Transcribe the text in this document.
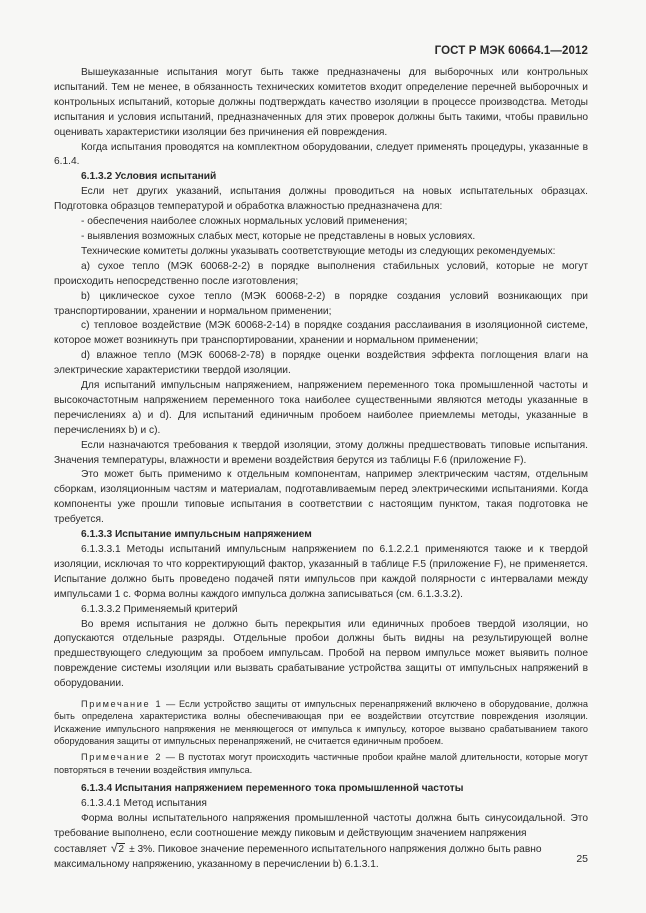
ГОСТ Р МЭК 60664.1—2012

Вышеуказанные испытания могут быть также предназначены для выборочных или контрольных испытаний. Тем не менее, в обязанность технических комитетов входит определение перечней выборочных и контрольных испытаний, которые должны подтверждать качество изоляции в процессе производства. Методы испытания и условия испытаний, предназначенных для этих проверок должны быть такими, чтобы правильно оценивать характеристики изоляции без причинения ей повреждения.

Когда испытания проводятся на комплектном оборудовании, следует применять процедуры, указанные в 6.1.4.

6.1.3.2 Условия испытаний

Если нет других указаний, испытания должны проводиться на новых испытательных образцах. Подготовка образцов температурой и обработка влажностью предназначена для:

- обеспечения наиболее сложных нормальных условий применения;

- выявления возможных слабых мест, которые не представлены в новых условиях.

Технические комитеты должны указывать соответствующие методы из следующих рекомендуемых:

a) сухое тепло (МЭК 60068-2-2) в порядке выполнения стабильных условий, которые не могут происходить непосредственно после изготовления;

b) циклическое сухое тепло (МЭК 60068-2-2) в порядке создания условий возникающих при транспортировании, хранении и нормальном применении;

c) тепловое воздействие (МЭК 60068-2-14) в порядке создания расслаивания в изоляционной системе, которое может возникнуть при транспортировании, хранении и нормальном применении;

d) влажное тепло (МЭК 60068-2-78) в порядке оценки воздействия эффекта поглощения влаги на электрические характеристики твердой изоляции.

Для испытаний импульсным напряжением, напряжением переменного тока промышленной частоты и высокочастотным напряжением переменного тока наиболее существенными являются методы указанные в перечислениях a) и d). Для испытаний единичным пробоем наиболее приемлемы методы, указанные в перечислениях b) и c).

Если назначаются требования к твердой изоляции, этому должны предшествовать типовые испытания. Значения температуры, влажности и времени воздействия берутся из таблицы F.6 (приложение F).

Это может быть применимо к отдельным компонентам, например электрическим частям, отдельным сборкам, изоляционным частям и материалам, подготавливаемым перед электрическими испытаниями. Когда компоненты уже прошли типовые испытания в соответствии с настоящим пунктом, такая подготовка не требуется.

6.1.3.3 Испытание импульсным напряжением

6.1.3.3.1 Методы испытаний импульсным напряжением по 6.1.2.2.1 применяются также и к твердой изоляции, исключая то что корректирующий фактор, указанный в таблице F.5 (приложение F), не применяется. Испытание должно быть проведено подачей пяти импульсов при каждой полярности с интервалами между импульсами 1 с. Форма волны каждого импульса должна записываться (см. 6.1.3.3.2).

6.1.3.3.2 Применяемый критерий

Во время испытания не должно быть перекрытия или единичных пробоев твердой изоляции, но допускаются отдельные разряды. Отдельные пробои должны быть видны на результирующей волне предшествующего следующим за пробоем импульсам. Пробой на первом импульсе может выявить полное повреждение системы изоляции или вызвать срабатывание устройства защиты от импульсных напряжений в оборудовании.

Примечание 1 — Если устройство защиты от импульсных перенапряжений включено в оборудование, должна быть определена характеристика волны обеспечивающая при ее воздействии отсутствие повреждения изоляции. Искажение импульсного напряжения не меняющегося от импульса к импульсу, которое вызвано срабатыванием такого оборудования защиты от импульсных перенапряжений, не считается единичным пробоем.

Примечание 2 — В пустотах могут происходить частичные пробои крайне малой длительности, которые могут повторяться в течении воздействия импульса.

6.1.3.4 Испытания напряжением переменного тока промышленной частоты

6.1.3.4.1 Метод испытания

Форма волны испытательного напряжения промышленной частоты должна быть синусоидальной. Это требование выполнено, если соотношение между пиковым и действующим значением напряжения

составляет √2 ± 3%. Пиковое значение переменного испытательного напряжения должно быть равно

максимальному напряжению, указанному в перечислении b) 6.1.3.1.	25
